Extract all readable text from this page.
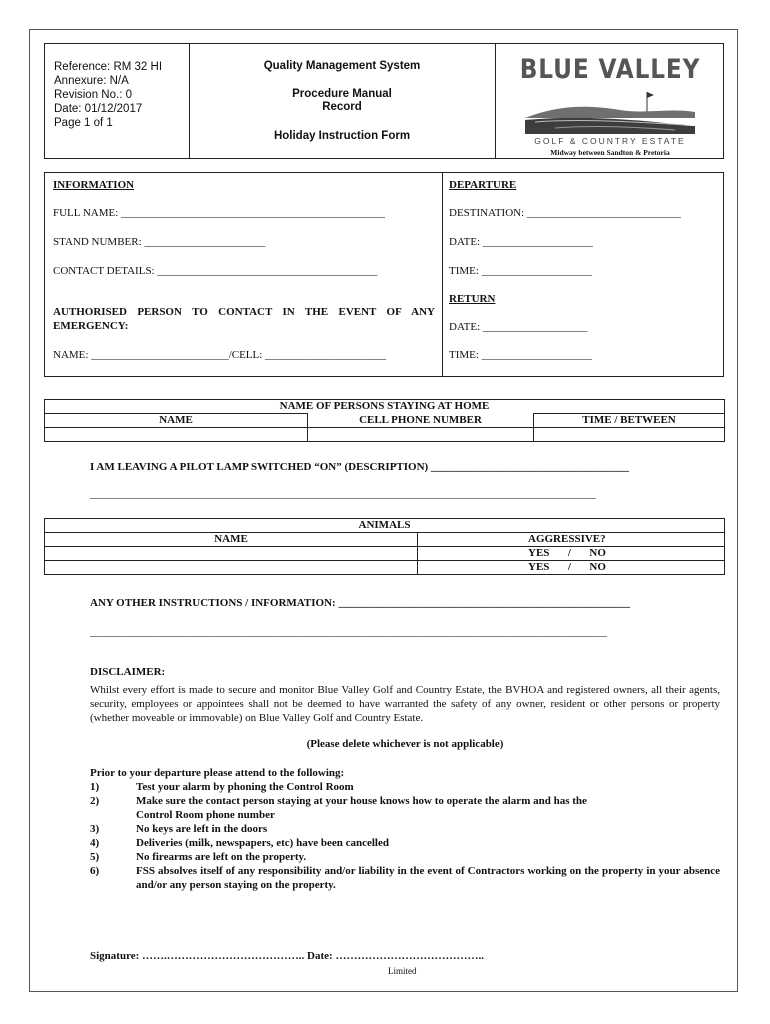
Reference: RM 32 HI
Annexure: N/A
Revision No.: 0
Date: 01/12/2017
Page 1 of 1
Quality Management System
Procedure Manual
Record
Holiday Instruction Form
BLUE VALLEY
GOLF & COUNTRY ESTATE
Midway between Sandton & Pretoria
INFORMATION
FULL NAME: ________________________________________________
STAND NUMBER: ______________________
CONTACT DETAILS: ________________________________________
AUTHORISED PERSON TO CONTACT IN THE EVENT OF ANY
EMERGENCY:
NAME: _________________________/CELL: ______________________
DEPARTURE
DESTINATION: ____________________________
DATE: ____________________
TIME: ____________________
RETURN
DATE: ___________________
TIME: ____________________
NAME OF PERSONS STAYING AT HOME		
NAME	CELL PHONE NUMBER	TIME / BETWEEN

I AM LEAVING A PILOT LAMP SWITCHED “ON” (DESCRIPTION) ____________________________________
____________________________________________________________________________________________
ANIMALS	
NAME	AGGRESSIVE?
	YES / NO
	YES / NO
ANY OTHER INSTRUCTIONS / INFORMATION: _____________________________________________________
______________________________________________________________________________________________
DISCLAIMER:
Whilst every effort is made to secure and monitor Blue Valley Golf and Country Estate, the BVHOA and registered owners, all their agents, security, employees or appointees shall not be deemed to have warranted the safety of any owner, resident or other persons or property (whether moveable or immovable) on Blue Valley Golf and Country Estate.
(Please delete whichever is not applicable)
Prior to your departure please attend to the following:
1)	Test your alarm by phoning the Control Room
2)	Make sure the contact person staying at your house knows how to operate the alarm and has the Control Room phone number
3)	No keys are left in the doors
4)	Deliveries (milk, newspapers, etc) have been cancelled
5)	No firearms are left on the property.
6)	FSS absolves itself of any responsibility and/or liability in the event of Contractors working on the property in your absence and/or any person staying on the property.
Signature: …….……………………………….. Date: …………………………………..
Limited
